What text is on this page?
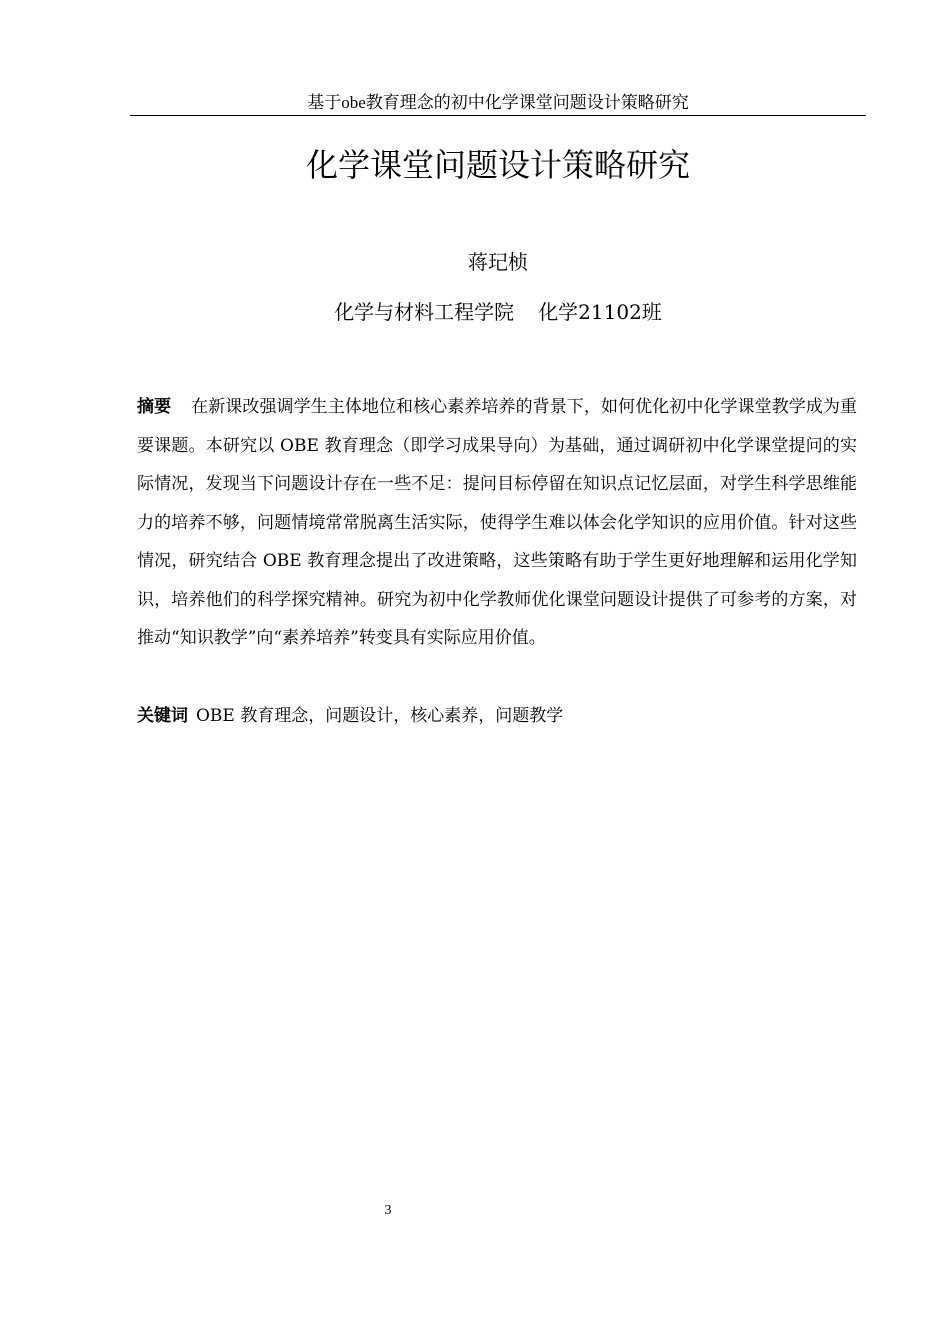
基于obe教育理念的初中化学课堂问题设计策略研究
化学课堂问题设计策略研究
蒋玘桢
化学与材料工程学院 化学21102班

摘要 在新课改强调学生主体地位和核心素养培养的背景下，如何优化初中化学课堂教学成为重要课题。本研究以 OBE 教育理念（即学习成果导向）为基础，通过调研初中化学课堂提问的实际情况，发现当下问题设计存在一些不足：提问目标停留在知识点记忆层面，对学生科学思维能力的培养不够，问题情境常常脱离生活实际，使得学生难以体会化学知识的应用价值。针对这些情况，研究结合 OBE 教育理念提出了改进策略，这些策略有助于学生更好地理解和运用化学知识，培养他们的科学探究精神。研究为初中化学教师优化课堂问题设计提供了可参考的方案，对推动“知识教学”向“素养培养”转变具有实际应用价值。

关键词 OBE 教育理念，问题设计，核心素养，问题教学

3
